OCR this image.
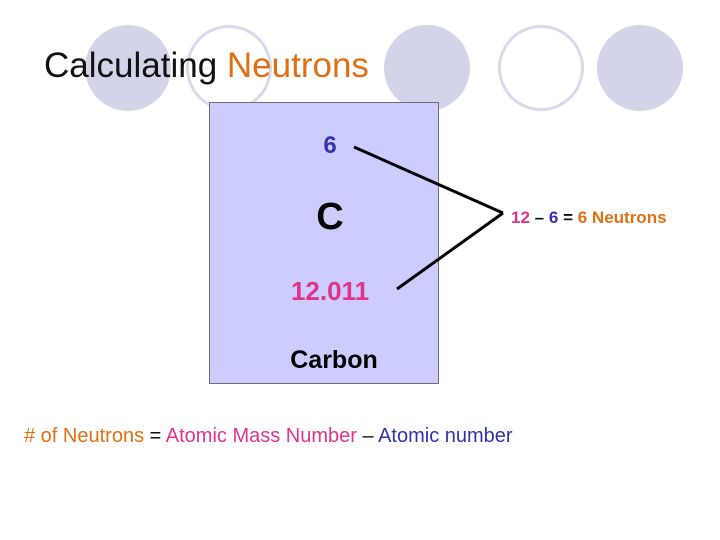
Calculating Neutrons
6
C
12.011
Carbon
12 – 6 = 6 Neutrons
# of Neutrons = Atomic Mass Number – Atomic number
